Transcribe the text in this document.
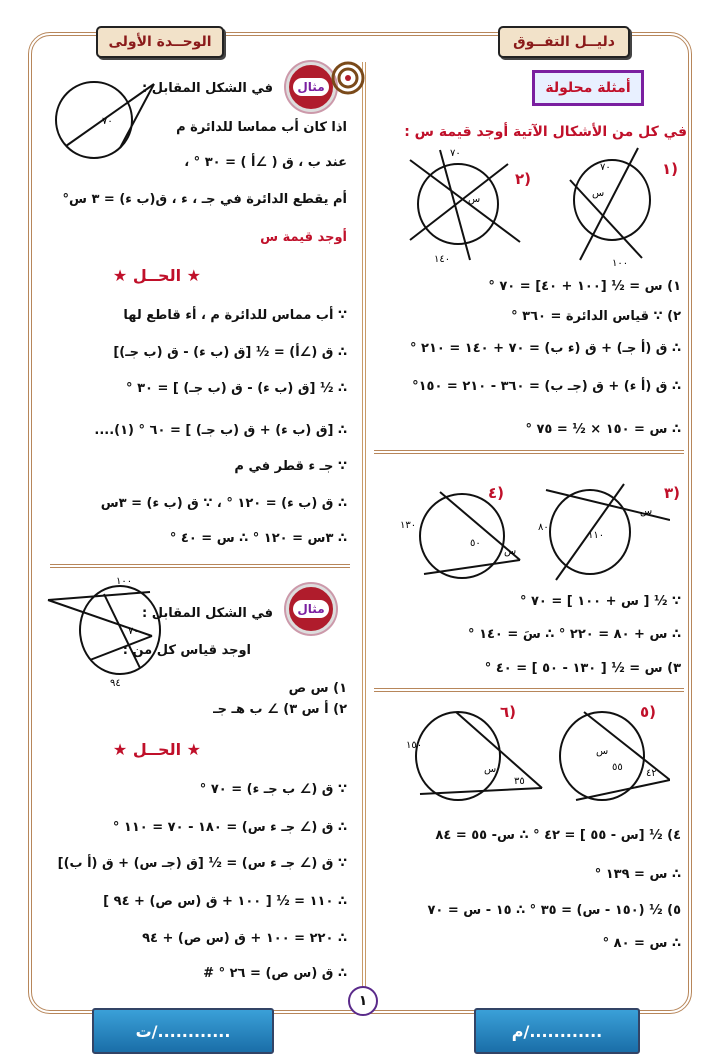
دليــل التفــوق
الوحــدة الأولى
أمثلة محلولة
في كل من الأشكال الآتية أوجد قيمة س :
١)
٢)
٧٠
١٠٠
س
٧٠
١٤٠
س
١) س = ½ [١٠٠ + ٤٠] = ٧٠ °
٢) ∵ قياس الدائرة = ٣٦٠ °
∴ ق (أ جـ) + ق (ء ب) = ٧٠ + ١٤٠ = ٢١٠ °
∴ ق (أ ء) + ق (جـ ب) = ٣٦٠ - ٢١٠ = ١٥٠°
∴ س = ١٥٠ × ½ = ٧٥ °
٣)
٤)
٨٠
١١٠
س
١٣٠
٥٠
س
∵ ½ [ س + ١٠٠ ] = ٧٠ °
∴ س + ٨٠ = ٢٢٠ ° ∴ سَ = ١٤٠ °
٣) س = ½ [ ١٣٠ - ٥٠ ] = ٤٠ °
٥)
٦)
٥٥
٤٢
س
١٥٠
٣٥
س
٤) ½ [س - ٥٥ ] = ٤٢ ° ∴ س- ٥٥ = ٨٤
∴ س = ١٣٩ °
٥) ½ (١٥٠ - س) = ٣٥ ° ∴ ١٥ - س = ٧٠
∴ س = ٨٠ °
مثال
٧٠
في الشكل المقابل :
اذا كان أب مماسا للدائرة م
عند ب ، ق ( ∠أ ) = ٣٠ ° ،
أم يقطع الدائرة في جـ ، ء ، ق(ب ء) = ٣ س°
أوجد قيمة س
★ الحــل ★
∵ أب مماس للدائرة م ، أء قاطع لها
∴ ق (∠أ) = ½ [ق (ب ء) - ق (ب جـ)]
∴ ½ [ق (ب ء) - ق (ب جـ) ] = ٣٠ °
∴ [ق (ب ء) + ق (ب جـ) ] = ٦٠ ° (١)....
∵ جـ ء قطر في م
∴ ق (ب ء) = ١٢٠ ° ، ∵ ق (ب ء) = ٣س
∴ ٣س = ١٢٠ ° ∴ س = ٤٠ °
مثال
١٠٠
٩٤
٧٠
في الشكل المقابل :
اوجد قياس كل من :
١) س ص
٢) أ س ٣) ∠ ب هـ جـ
★ الحــل ★
∵ ق (∠ ب جـ ء) = ٧٠ °
∴ ق (∠ جـ ء س) = ١٨٠ - ٧٠ = ١١٠ °
∵ ق (∠ جـ ء س) = ½ [ق (جـ س) + ق (أ ب)]
∴ ١١٠ = ½ [ ١٠٠ + ق (س ص) + ٩٤ ]
∴ ٢٢٠ = ١٠٠ + ق (س ص) + ٩٤
∴ ق (س ص) = ٢٦ ° #
١
م/............
ت/............
